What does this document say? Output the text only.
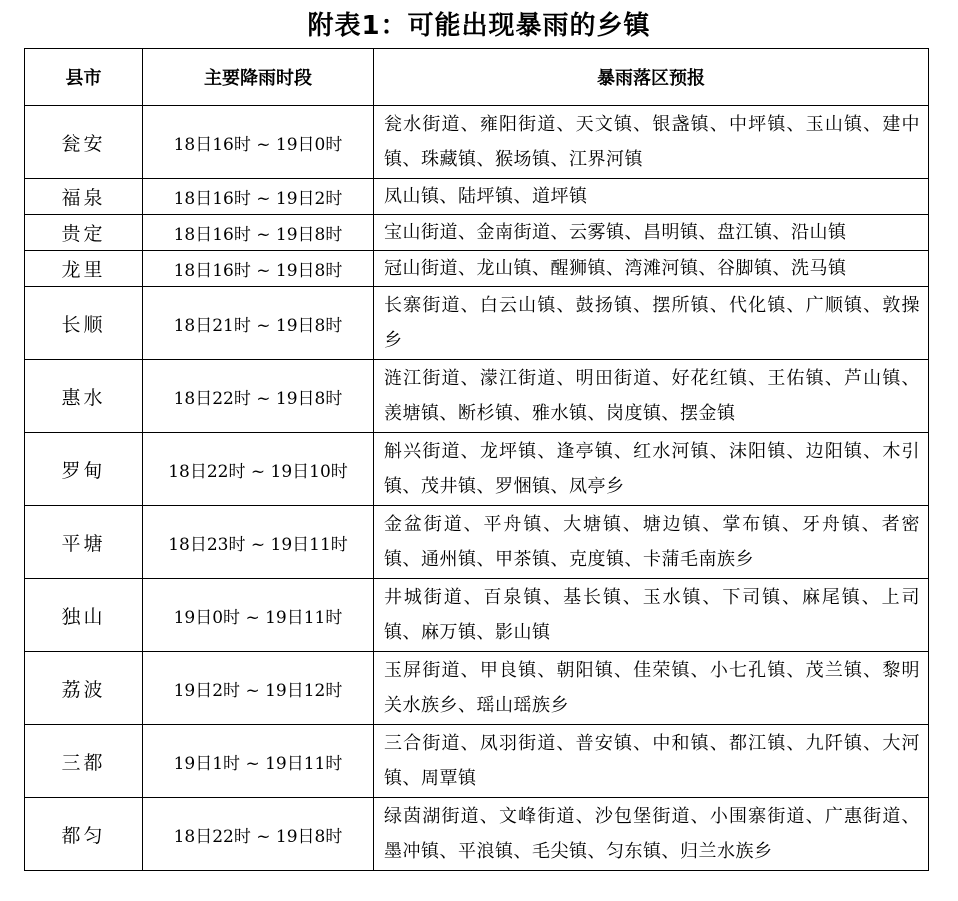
附表1：可能出现暴雨的乡镇
县市	主要降雨时段	暴雨落区预报
瓮安	18日16时 ~ 19日0时	瓮水街道、雍阳街道、天文镇、银盏镇、中坪镇、玉山镇、建中镇、珠藏镇、猴场镇、江界河镇
福泉	18日16时 ~ 19日2时	凤山镇、陆坪镇、道坪镇
贵定	18日16时 ~ 19日8时	宝山街道、金南街道、云雾镇、昌明镇、盘江镇、沿山镇
龙里	18日16时 ~ 19日8时	冠山街道、龙山镇、醒狮镇、湾滩河镇、谷脚镇、洗马镇
长顺	18日21时 ~ 19日8时	长寨街道、白云山镇、鼓扬镇、摆所镇、代化镇、广顺镇、敦操乡
惠水	18日22时 ~ 19日8时	涟江街道、濛江街道、明田街道、好花红镇、王佑镇、芦山镇、羡塘镇、断杉镇、雅水镇、岗度镇、摆金镇
罗甸	18日22时 ~ 19日10时	斛兴街道、龙坪镇、逢亭镇、红水河镇、沫阳镇、边阳镇、木引镇、茂井镇、罗悃镇、凤亭乡
平塘	18日23时 ~ 19日11时	金盆街道、平舟镇、大塘镇、塘边镇、掌布镇、牙舟镇、者密镇、通州镇、甲茶镇、克度镇、卡蒲毛南族乡
独山	19日0时 ~ 19日11时	井城街道、百泉镇、基长镇、玉水镇、下司镇、麻尾镇、上司镇、麻万镇、影山镇
荔波	19日2时 ~ 19日12时	玉屏街道、甲良镇、朝阳镇、佳荣镇、小七孔镇、茂兰镇、黎明关水族乡、瑶山瑶族乡
三都	19日1时 ~ 19日11时	三合街道、凤羽街道、普安镇、中和镇、都江镇、九阡镇、大河镇、周覃镇
都匀	18日22时 ~ 19日8时	绿茵湖街道、文峰街道、沙包堡街道、小围寨街道、广惠街道、墨冲镇、平浪镇、毛尖镇、匀东镇、归兰水族乡
